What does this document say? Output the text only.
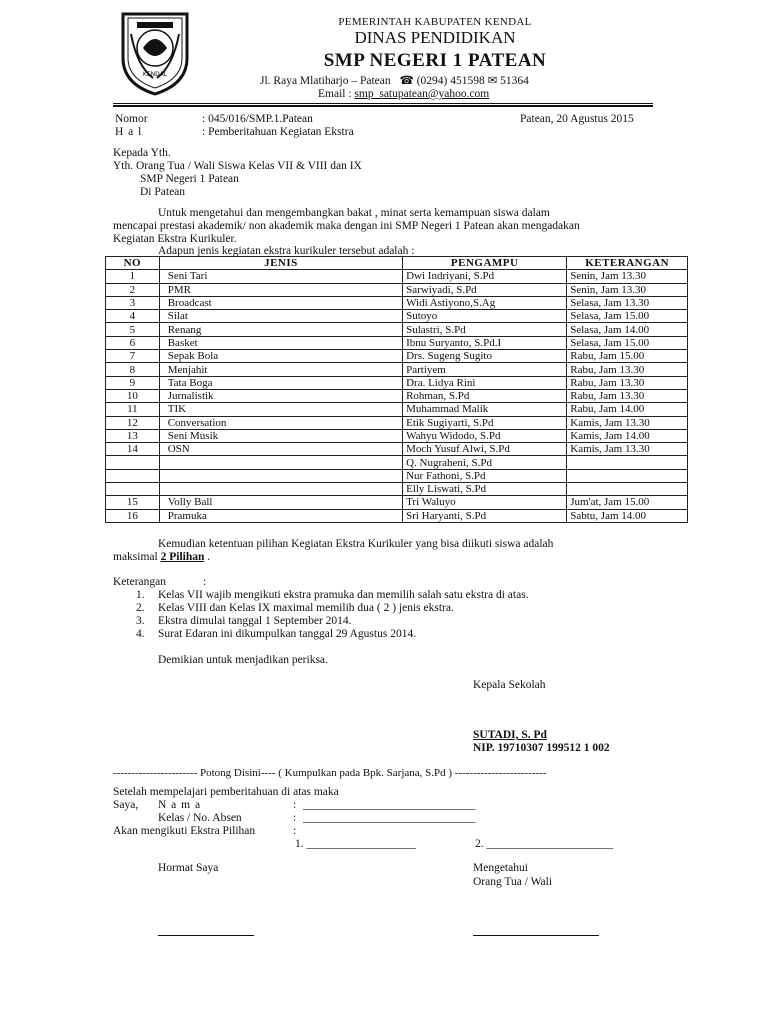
KENDAL
PEMERINTAH KABUPATEN KENDAL
DINAS PENDIDIKAN
SMP NEGERI 1 PATEAN
Jl. Raya Mlatiharjo – Patean ☎ (0294) 451598 ✉ 51364
Email : smp_satupatean@yahoo.com
Nomor	: 045/016/SMP.1.Patean	Patean, 20 Agustus 2015
H a l	: Pemberitahuan Kegiatan Ekstra
Kepada Yth.
Yth. Orang Tua / Wali Siswa Kelas VII & VIII dan IX
SMP Negeri 1 Patean
Di Patean
Untuk mengetahui dan mengembangkan bakat , minat serta kemampuan siswa dalam
mencapai prestasi akademik/ non akademik maka dengan ini SMP Negeri 1 Patean akan mengadakan
Kegiatan Ekstra Kurikuler.
Adapun jenis kegiatan ekstra kurikuler tersebut adalah :
NO	JENIS	PENGAMPU	KETERANGAN
1	Seni Tari	Dwi Indriyani, S.Pd	Senin, Jam 13.30
2	PMR	Sarwiyadi, S.Pd	Senin, Jam 13.30
3	Broadcast	Widi Astiyono,S.Ag	Selasa, Jam 13.30
4	Silat	Sutoyo	Selasa, Jam 15.00
5	Renang	Sulastri, S.Pd	Selasa, Jam 14.00
6	Basket	Ibnu Suryanto, S.Pd.I	Selasa, Jam 15.00
7	Sepak Bola	Drs. Sugeng Sugito	Rabu, Jam 15.00
8	Menjahit	Partiyem	Rabu, Jam 13.30
9	Tata Boga	Dra. Lidya Rini	Rabu, Jam 13.30
10	Jurnalistik	Rohman, S.Pd	Rabu, Jam 13.30
11	TIK	Muhammad Malik	Rabu, Jam 14.00
12	Conversation	Etik Sugiyarti, S.Pd	Kamis, Jam 13.30
13	Seni Musik	Wahyu Widodo, S.Pd	Kamis, Jam 14.00
14	OSN	Moch Yusuf Alwi, S.Pd	Kamis, Jam 13.30
		Q. Nugraheni, S.Pd	
		Nur Fathoni, S.Pd	
		Elly Liswati, S.Pd	
15	Volly Ball	Tri Waluyo	Jum'at, Jam 15.00
16	Pramuka	Sri Haryanti, S.Pd	Sabtu, Jam 14.00
Kemudian ketentuan pilihan Kegiatan Ekstra Kurikuler yang bisa diikuti siswa adalah
maksimal 2 Pilihan .
Keterangan	:
1. Kelas VII wajib mengikuti ekstra pramuka dan memilih salah satu ekstra di atas.
2. Kelas VIII dan Kelas IX maximal memilih dua ( 2 ) jenis ekstra.
3. Ekstra dimulai tanggal 1 September 2014.
4. Surat Edaran ini dikumpulkan tanggal 29 Agustus 2014.
Demikian untuk menjadikan periksa.
Kepala Sekolah
SUTADI, S. Pd
NIP. 19710307 199512 1 002
----------------------- Potong Disini---- ( Kumpulkan pada Bpk. Sarjana, S.Pd ) -------------------------
Setelah mempelajari pemberitahuan di atas maka
Saya, N a m a	: ______________________________
Kelas / No. Absen	: ______________________________
Akan mengikuti Ekstra Pilihan	:
1. ___________________	2. ______________________
Hormat Saya	Mengetahui
Orang Tua / Wali
